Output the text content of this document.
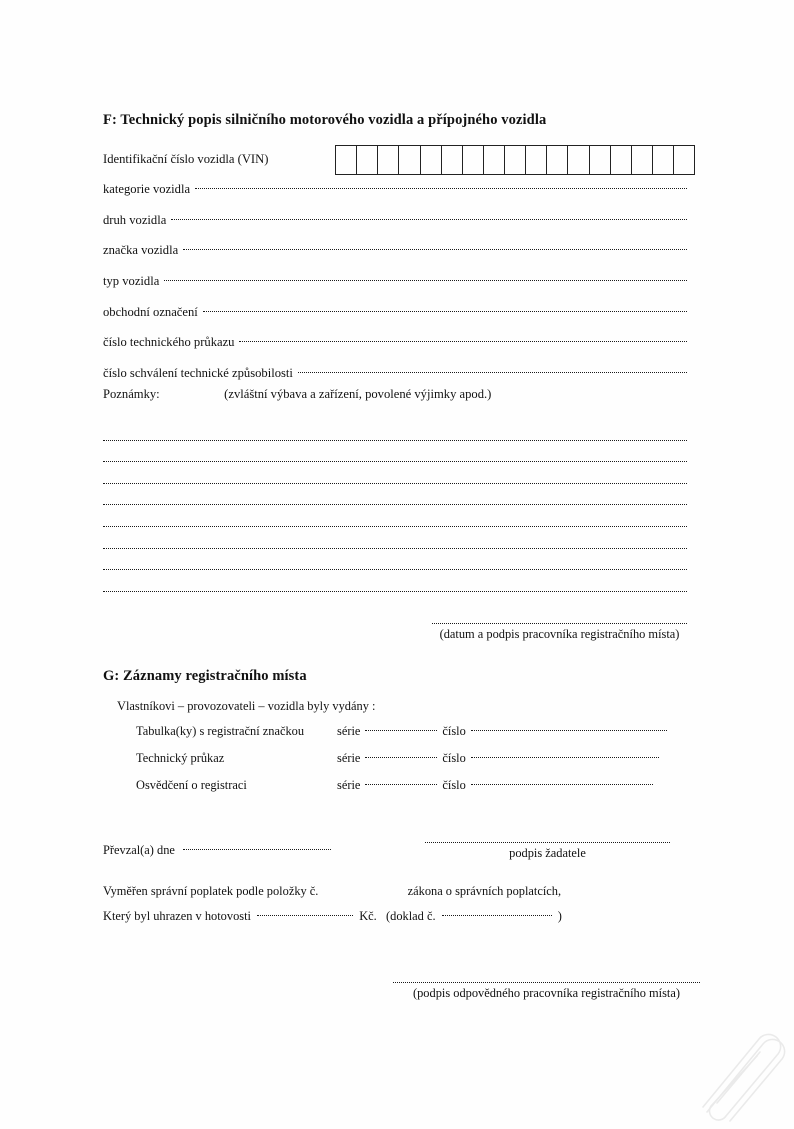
F: Technický popis silničního motorového vozidla a přípojného vozidla
Identifikační číslo vozidla (VIN)
kategorie vozidla
druh vozidla
značka vozidla
typ vozidla
obchodní označení
číslo technického průkazu
číslo schválení technické způsobilosti
Poznámky:	(zvláštní výbava a zařízení, povolené výjimky apod.)
(datum a podpis pracovníka registračního místa)
G: Záznamy registračního místa
Vlastníkovi – provozovateli – vozidla byly vydány :
Tabulka(ky) s registrační značkou	série	číslo
Technický průkaz	série	číslo
Osvědčení o registraci	série	číslo
Převzal(a) dne	podpis žadatele
Vyměřen správní poplatek podle položky č.	zákona o správních poplatcích,
Který byl uhrazen v hotovosti	Kč. (doklad č.	)
(podpis odpovědného pracovníka registračního místa)
